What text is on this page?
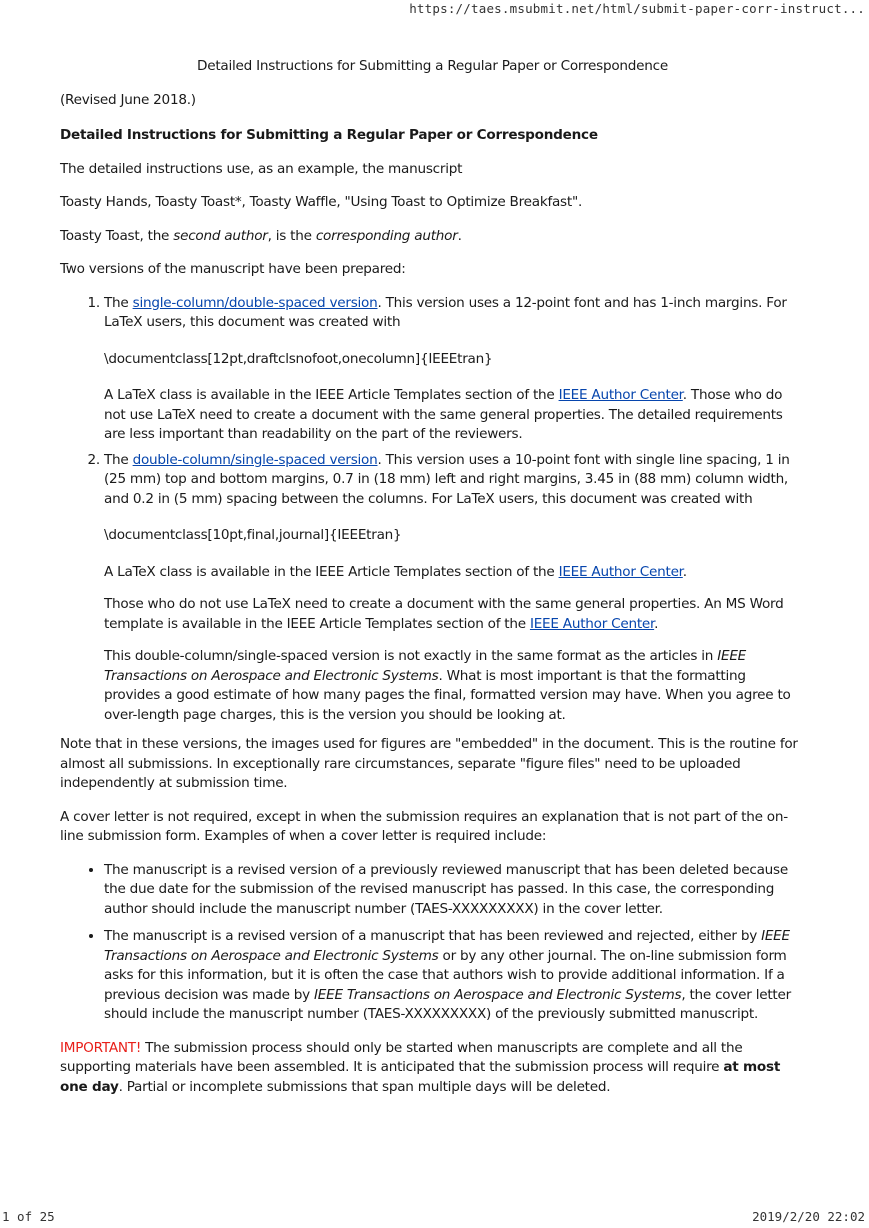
https://taes.msubmit.net/html/submit-paper-corr-instruct...

Detailed Instructions for Submitting a Regular Paper or Correspondence

(Revised June 2018.)

Detailed Instructions for Submitting a Regular Paper or Correspondence

The detailed instructions use, as an example, the manuscript

Toasty Hands, Toasty Toast*, Toasty Waffle, "Using Toast to Optimize Breakfast".

Toasty Toast, the second author, is the corresponding author.

Two versions of the manuscript have been prepared:

1. The single-column/double-spaced version. This version uses a 12-point font and has 1-inch margins. For LaTeX users, this document was created with

\documentclass[12pt,draftclsnofoot,onecolumn]{IEEEtran}

A LaTeX class is available in the IEEE Article Templates section of the IEEE Author Center. Those who do not use LaTeX need to create a document with the same general properties. The detailed requirements are less important than readability on the part of the reviewers.

2. The double-column/single-spaced version. This version uses a 10-point font with single line spacing, 1 in (25 mm) top and bottom margins, 0.7 in (18 mm) left and right margins, 3.45 in (88 mm) column width, and 0.2 in (5 mm) spacing between the columns. For LaTeX users, this document was created with

\documentclass[10pt,final,journal]{IEEEtran}

A LaTeX class is available in the IEEE Article Templates section of the IEEE Author Center.

Those who do not use LaTeX need to create a document with the same general properties. An MS Word template is available in the IEEE Article Templates section of the IEEE Author Center.

This double-column/single-spaced version is not exactly in the same format as the articles in IEEE Transactions on Aerospace and Electronic Systems. What is most important is that the formatting provides a good estimate of how many pages the final, formatted version may have. When you agree to over-length page charges, this is the version you should be looking at.

Note that in these versions, the images used for figures are "embedded" in the document. This is the routine for almost all submissions. In exceptionally rare circumstances, separate "figure files" need to be uploaded independently at submission time.

A cover letter is not required, except in when the submission requires an explanation that is not part of the on-line submission form. Examples of when a cover letter is required include:

• The manuscript is a revised version of a previously reviewed manuscript that has been deleted because the due date for the submission of the revised manuscript has passed. In this case, the corresponding author should include the manuscript number (TAES-XXXXXXXXX) in the cover letter.
• The manuscript is a revised version of a manuscript that has been reviewed and rejected, either by IEEE Transactions on Aerospace and Electronic Systems or by any other journal. The on-line submission form asks for this information, but it is often the case that authors wish to provide additional information. If a previous decision was made by IEEE Transactions on Aerospace and Electronic Systems, the cover letter should include the manuscript number (TAES-XXXXXXXXX) of the previously submitted manuscript.

IMPORTANT! The submission process should only be started when manuscripts are complete and all the supporting materials have been assembled. It is anticipated that the submission process will require at most one day. Partial or incomplete submissions that span multiple days will be deleted.

1 of 25	2019/2/20 22:02
